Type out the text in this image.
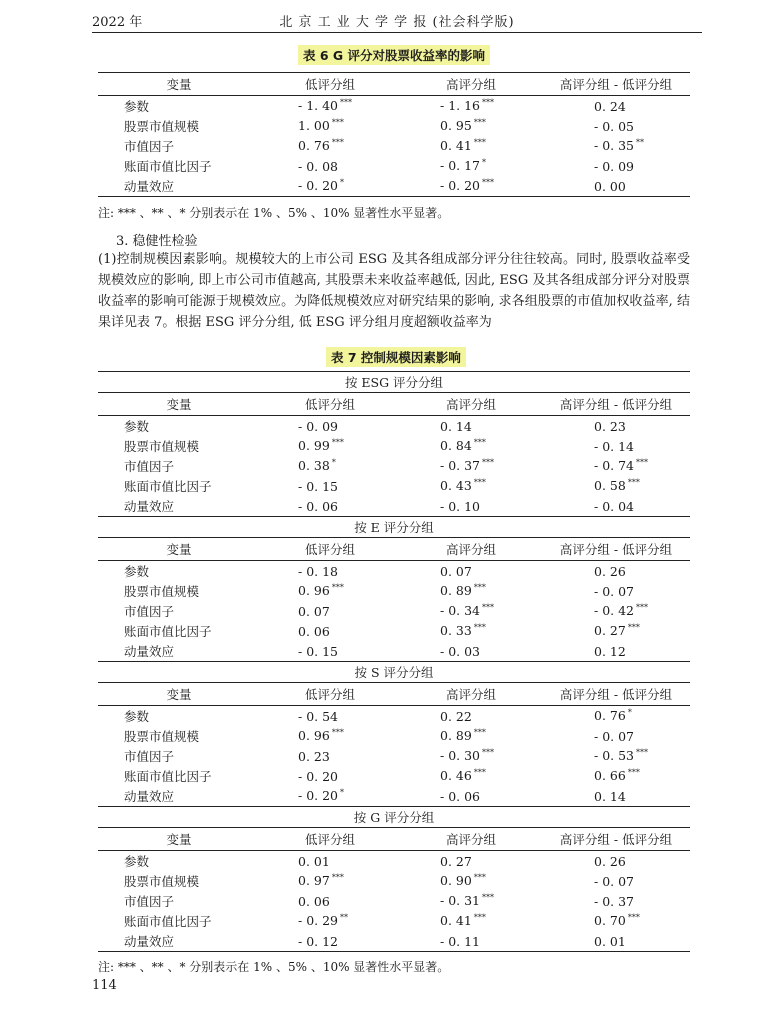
2022 年	北 京 工 业 大 学 学 报 (社会科学版)
表 6 G 评分对股票收益率的影响
变量	低评分组	高评分组	高评分组 - 低评分组
参数	- 1. 40 ***	- 1. 16 ***	0. 24
股票市值规模	1. 00 ***	0. 95 ***	- 0. 05
市值因子	0. 76 ***	0. 41 ***	- 0. 35 **
账面市值比因子	- 0. 08	- 0. 17 *	- 0. 09
动量效应	- 0. 20 *	- 0. 20 ***	0. 00
注: *** 、** 、* 分别表示在 1% 、5% 、10% 显著性水平显著。
3. 稳健性检验

(1)控制规模因素影响。规模较大的上市公司 ESG 及其各组成部分评分往往较高。同时, 股票收益率受规模效应的影响, 即上市公司市值越高, 其股票未来收益率越低, 因此, ESG 及其各组成部分评分对股票收益率的影响可能源于规模效应。为降低规模效应对研究结果的影响, 求各组股票的市值加权收益率, 结果详见表 7。根据 ESG 评分分组, 低 ESG 评分组月度超额收益率为

表 7 控制规模因素影响
按 ESG 评分分组			
变量	低评分组	高评分组	高评分组 - 低评分组
参数	- 0. 09	0. 14	0. 23
股票市值规模	0. 99 ***	0. 84 ***	- 0. 14
市值因子	0. 38 *	- 0. 37 ***	- 0. 74 ***
账面市值比因子	- 0. 15	0. 43 ***	0. 58 ***
动量效应	- 0. 06	- 0. 10	- 0. 04
按 E 评分分组			
变量	低评分组	高评分组	高评分组 - 低评分组
参数	- 0. 18	0. 07	0. 26
股票市值规模	0. 96 ***	0. 89 ***	- 0. 07
市值因子	0. 07	- 0. 34 ***	- 0. 42 ***
账面市值比因子	0. 06	0. 33 ***	0. 27 ***
动量效应	- 0. 15	- 0. 03	0. 12
按 S 评分分组			
变量	低评分组	高评分组	高评分组 - 低评分组
参数	- 0. 54	0. 22	0. 76 *
股票市值规模	0. 96 ***	0. 89 ***	- 0. 07
市值因子	0. 23	- 0. 30 ***	- 0. 53 ***
账面市值比因子	- 0. 20	0. 46 ***	0. 66 ***
动量效应	- 0. 20 *	- 0. 06	0. 14
按 G 评分分组			
变量	低评分组	高评分组	高评分组 - 低评分组
参数	0. 01	0. 27	0. 26
股票市值规模	0. 97 ***	0. 90 ***	- 0. 07
市值因子	0. 06	- 0. 31 ***	- 0. 37
账面市值比因子	- 0. 29 **	0. 41 ***	0. 70 ***
动量效应	- 0. 12	- 0. 11	0. 01
注: *** 、** 、* 分别表示在 1% 、5% 、10% 显著性水平显著。
114
